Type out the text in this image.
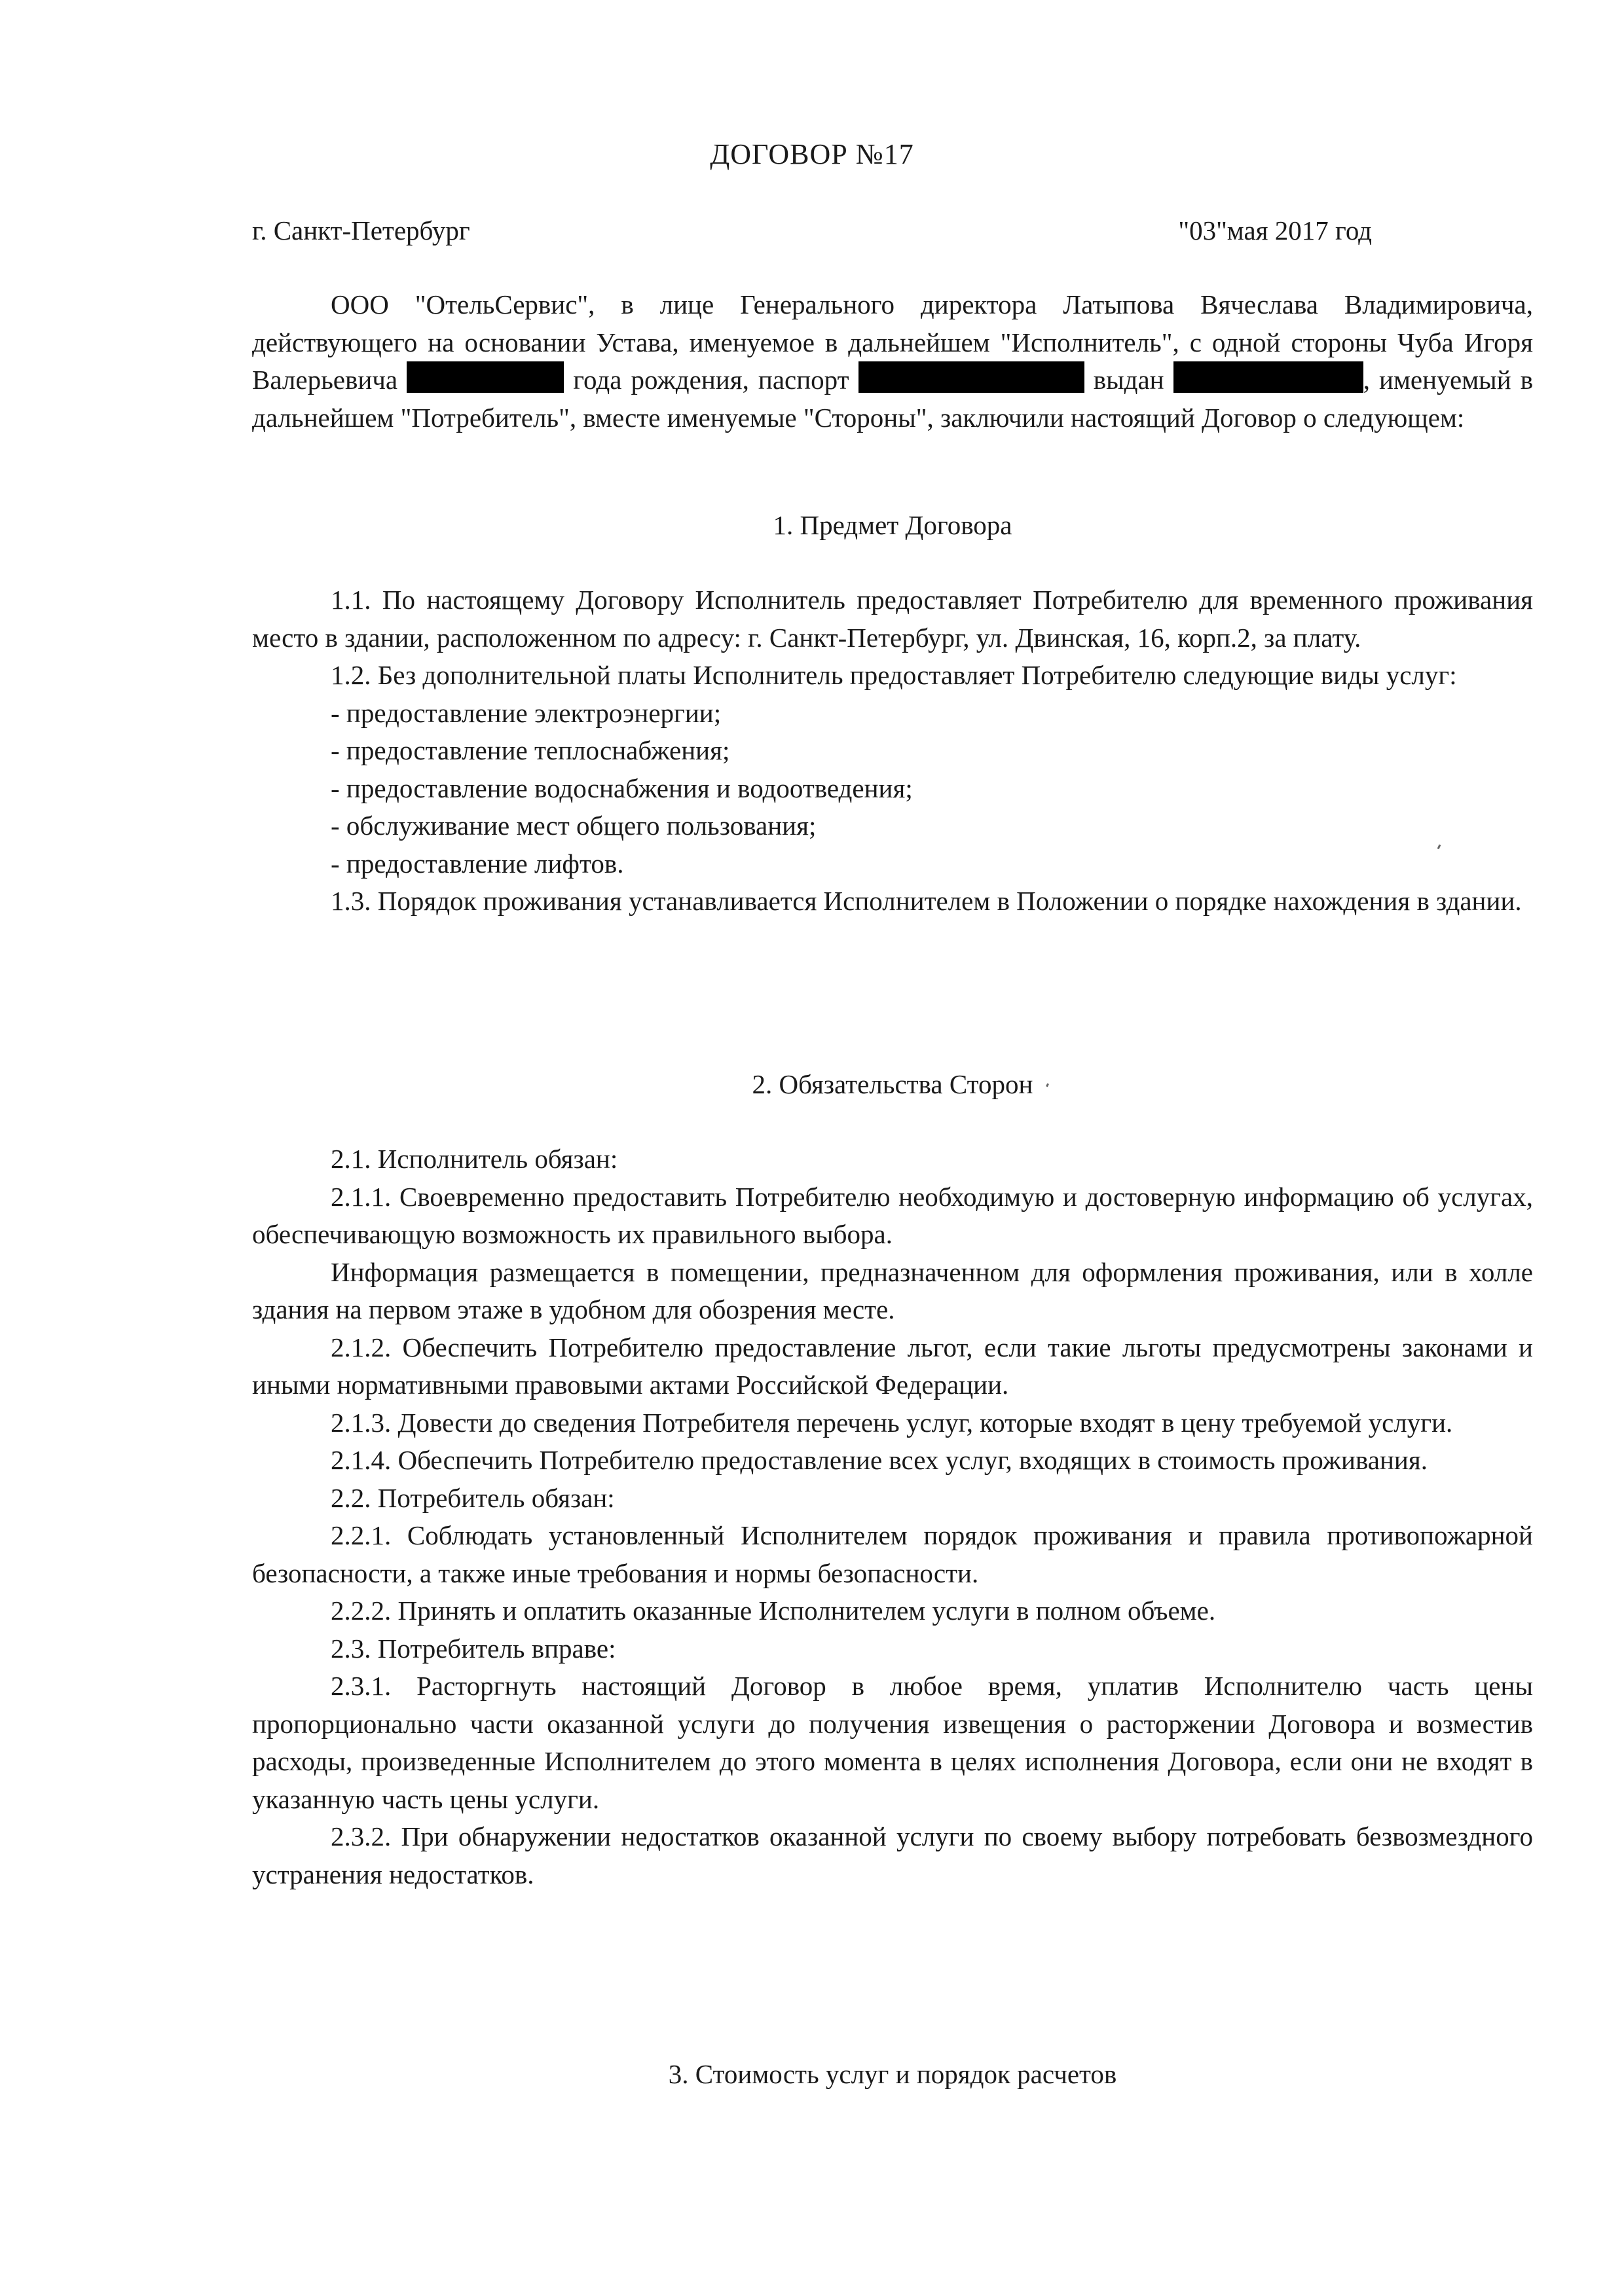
ДОГОВОР №17
г. Санкт-Петербург	"03"мая 2017 год

ООО "ОтельСервис", в лице Генерального директора Латыпова Вячеслава Владимировича, действующего на основании Устава, именуемое в дальнейшем "Исполнитель", с одной стороны Чуба Игоря Валерьевича	года рождения, паспорт	выдан	, именуемый в дальнейшем "Потребитель", вместе именуемые "Стороны", заключили настоящий Договор о следующем:

1. Предмет Договора

1.1. По настоящему Договору Исполнитель предоставляет Потребителю для временного проживания место в здании, расположенном по адресу: г. Санкт-Петербург, ул. Двинская, 16, корп.2, за плату.

1.2. Без дополнительной платы Исполнитель предоставляет Потребителю следующие виды услуг:

- предоставление электроэнергии;

- предоставление теплоснабжения;

- предоставление водоснабжения и водоотведения;

- обслуживание мест общего пользования;

- предоставление лифтов.

1.3. Порядок проживания устанавливается Исполнителем в Положении о порядке нахождения в здании.

2. Обязательства Сторон

2.1. Исполнитель обязан:

2.1.1. Своевременно предоставить Потребителю необходимую и достоверную информацию об услугах, обеспечивающую возможность их правильного выбора.

Информация размещается в помещении, предназначенном для оформления проживания, или в холле здания на первом этаже в удобном для обозрения месте.

2.1.2. Обеспечить Потребителю предоставление льгот, если такие льготы предусмотрены законами и иными нормативными правовыми актами Российской Федерации.

2.1.3. Довести до сведения Потребителя перечень услуг, которые входят в цену требуемой услуги.

2.1.4. Обеспечить Потребителю предоставление всех услуг, входящих в стоимость проживания.

2.2. Потребитель обязан:

2.2.1. Соблюдать установленный Исполнителем порядок проживания и правила противопожарной безопасности, а также иные требования и нормы безопасности.

2.2.2. Принять и оплатить оказанные Исполнителем услуги в полном объеме.

2.3. Потребитель вправе:

2.3.1. Расторгнуть настоящий Договор в любое время, уплатив Исполнителю часть цены пропорционально части оказанной услуги до получения извещения о расторжении Договора и возместив расходы, произведенные Исполнителем до этого момента в целях исполнения Договора, если они не входят в указанную часть цены услуги.

2.3.2. При обнаружении недостатков оказанной услуги по своему выбору потребовать безвозмездного устранения недостатков.

3. Стоимость услуг и порядок расчетов
